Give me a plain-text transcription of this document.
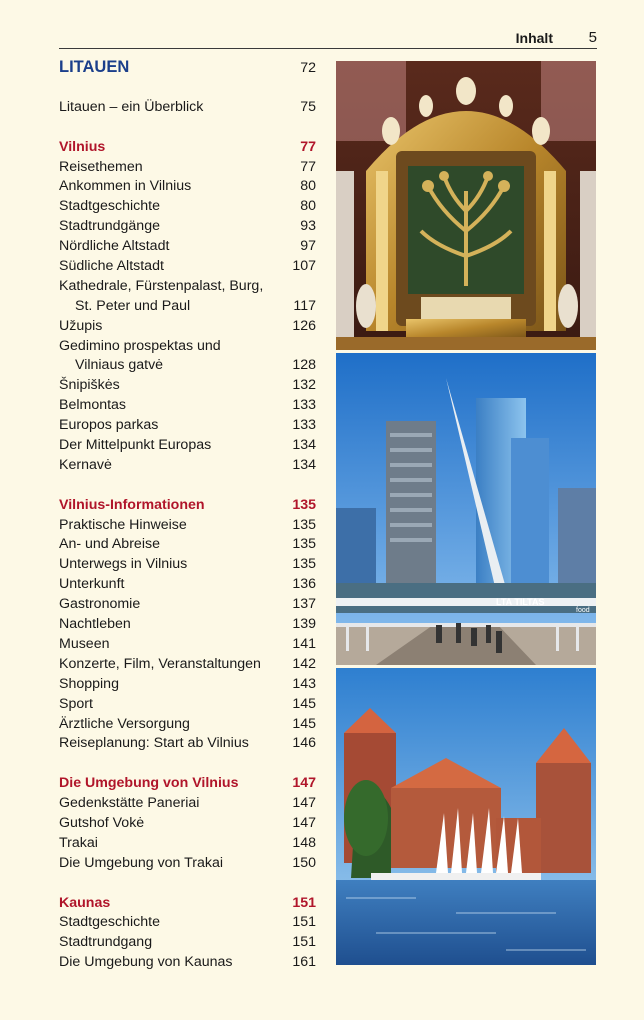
Inhalt 5
LITAUEN	72
Litauen – ein Überblick	75
Vilnius	77
Reisethemen	77
Ankommen in Vilnius	80
Stadtgeschichte	80
Stadtrundgänge	93
Nördliche Altstadt	97
Südliche Altstadt	107
Kathedrale, Fürstenpalast, Burg,
St. Peter und Paul	117
Užupis	126
Gedimino prospektas und
Vilniaus gatvė	128
Šnipiškės	132
Belmontas	133
Europos parkas	133
Der Mittelpunkt Europas	134
Kernavė	134
Vilnius-Informationen	135
Praktische Hinweise	135
An- und Abreise	135
Unterwegs in Vilnius	135
Unterkunft	136
Gastronomie	137
Nachtleben	139
Museen	141
Konzerte, Film, Veranstaltungen	142
Shopping	143
Sport	145
Ärztliche Versorgung	145
Reiseplanung: Start ab Vilnius	146
Die Umgebung von Vilnius	147
Gedenkstätte Paneriai	147
Gutshof Vokė	147
Trakai	148
Die Umgebung von Trakai	150
Kaunas	151
Stadtgeschichte	151
Stadtrundgang	151
Die Umgebung von Kaunas	161
LTA TILTAS
food
